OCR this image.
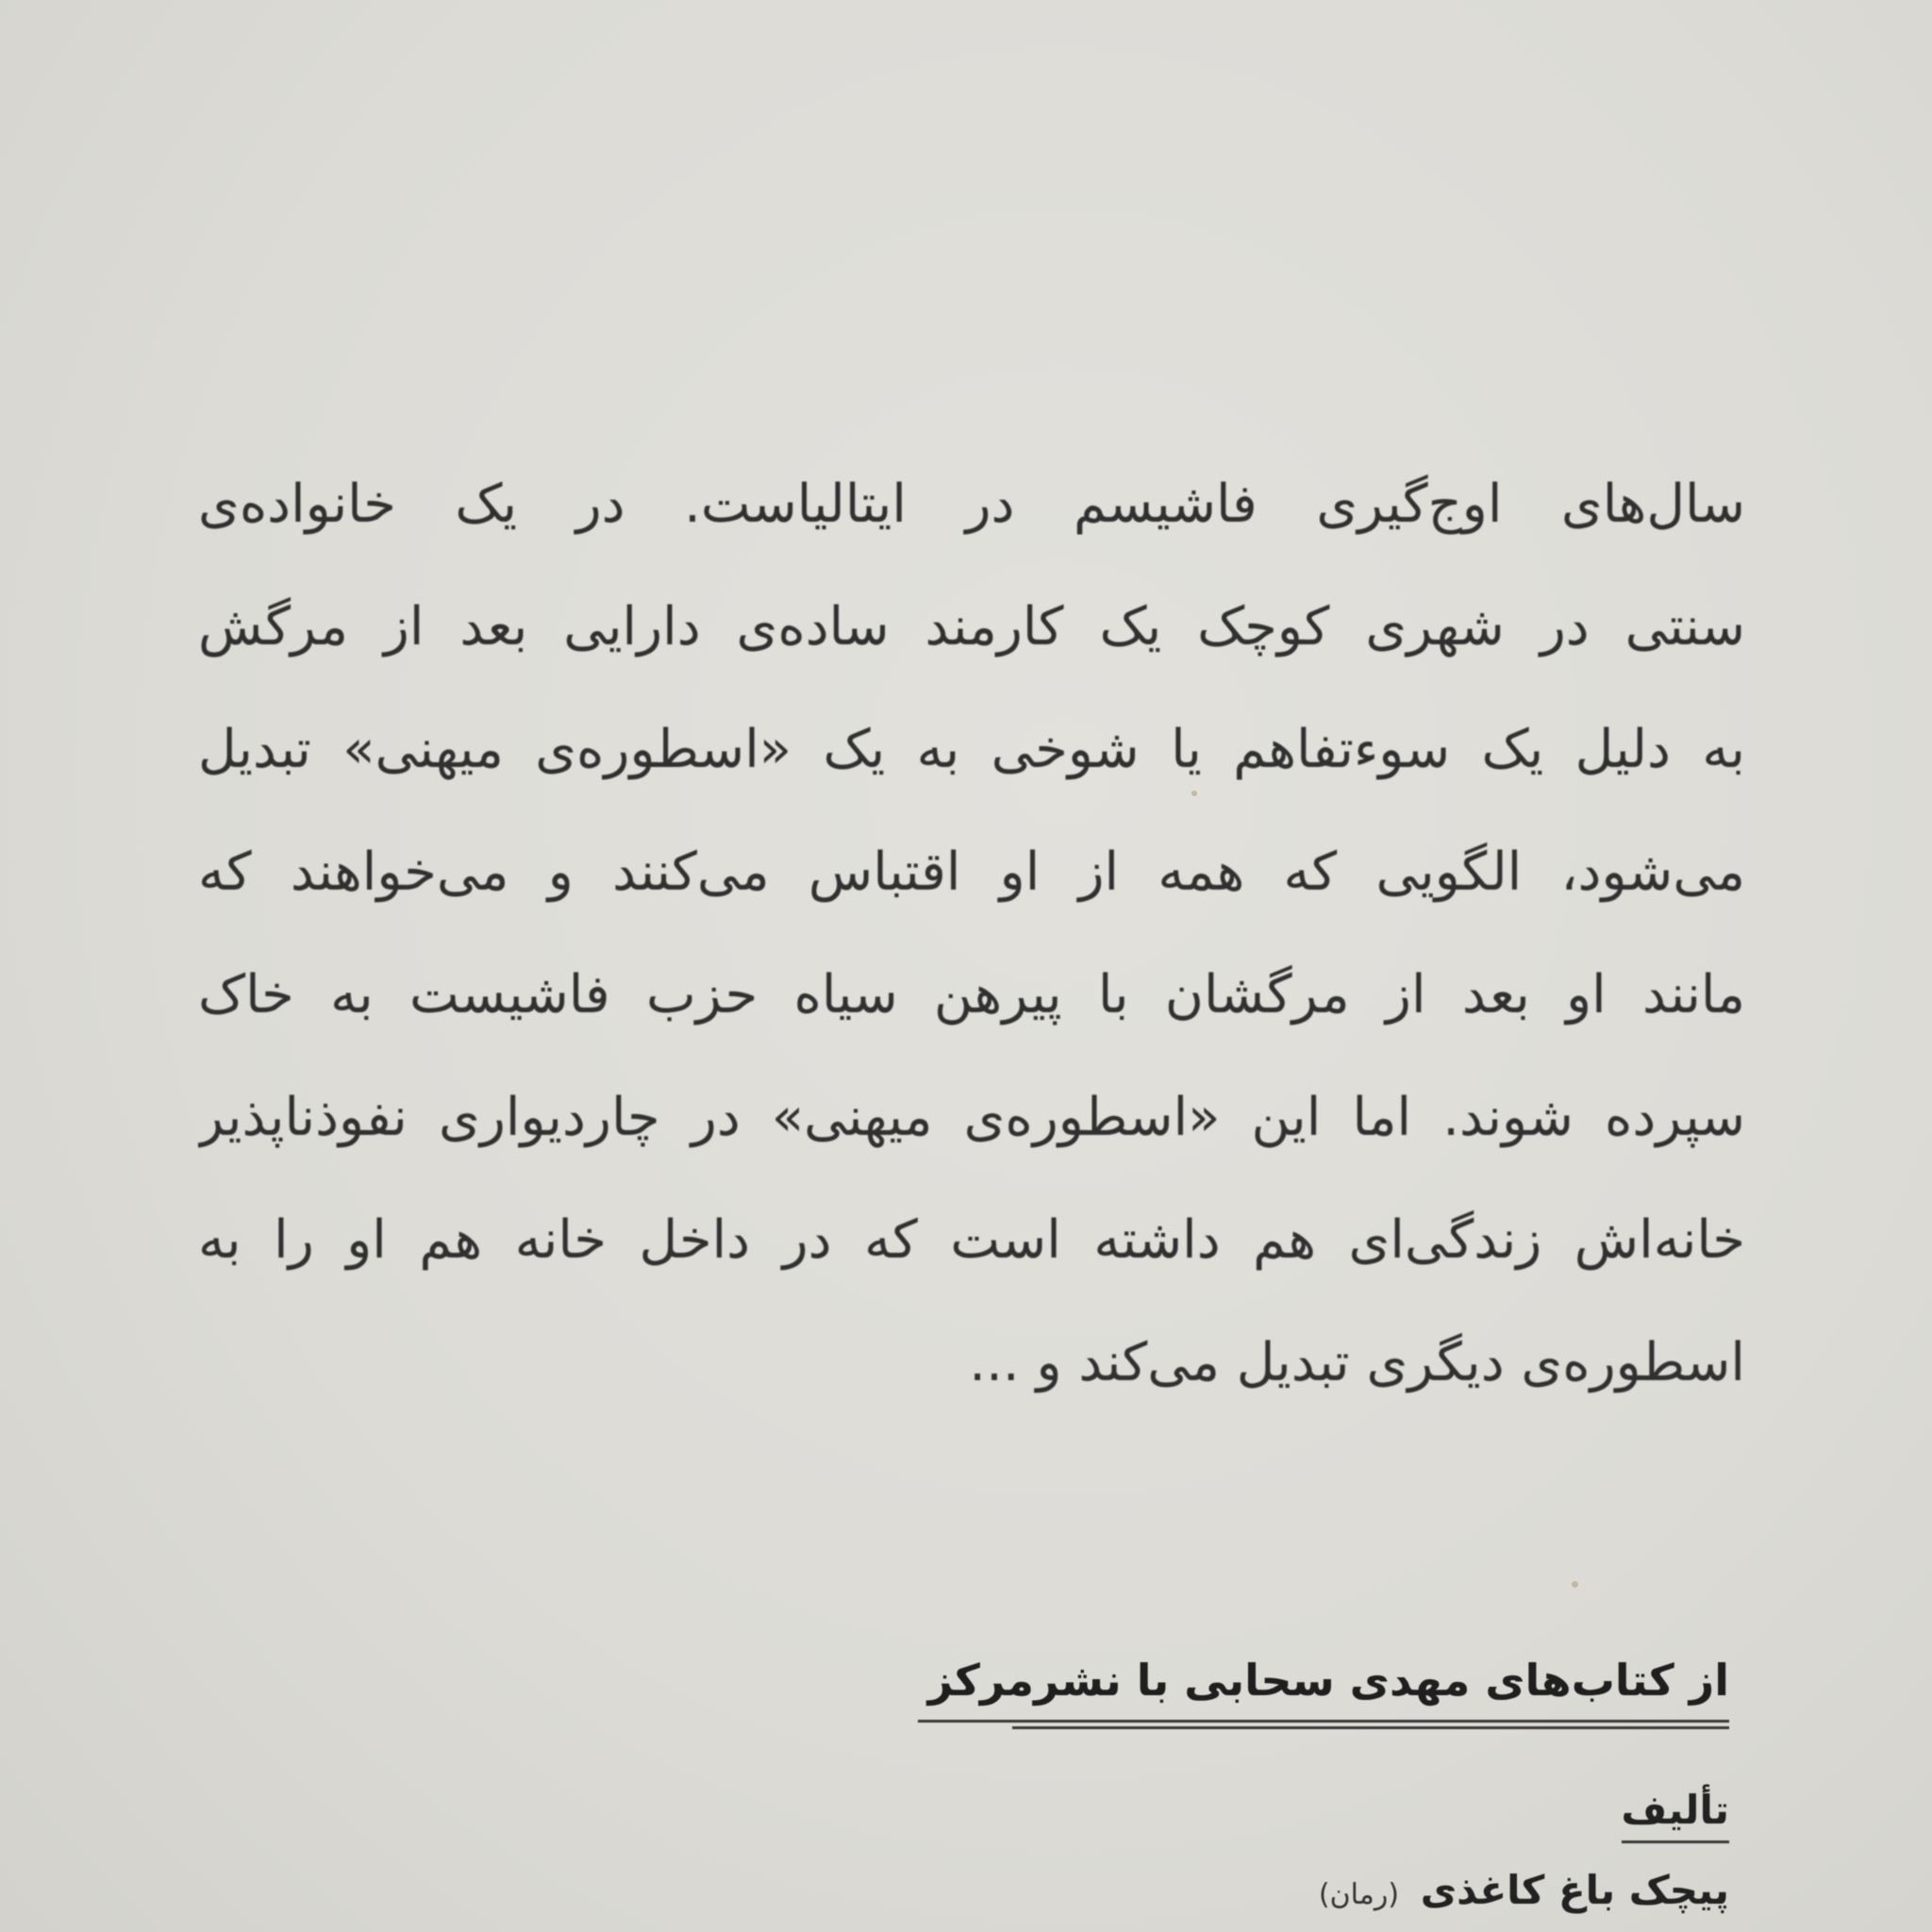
سال‌های اوج‌گیری فاشیسم در ایتالیاست. در یک خانواده‌ی
سنتی در شهری کوچک یک کارمند ساده‌ی دارایی بعد از مرگش
به دلیل یک سوءتفاهم یا شوخی به یک «اسطوره‌ی میهنی» تبدیل
می‌شود، الگویی که همه از او اقتباس می‌کنند و می‌خواهند که
مانند او بعد از مرگشان با پیرهن سیاه حزب فاشیست به خاک
سپرده شوند. اما این «اسطوره‌ی میهنی» در چاردیواری نفوذناپذیر
خانه‌اش زندگی‌ای هم داشته است که در داخل خانه هم او را به
اسطوره‌ی دیگری تبدیل می‌کند و ...
از کتاب‌های مهدی سحابی با نشرمرکز
تألیف
پیچک باغ کاغذی (رمان)
